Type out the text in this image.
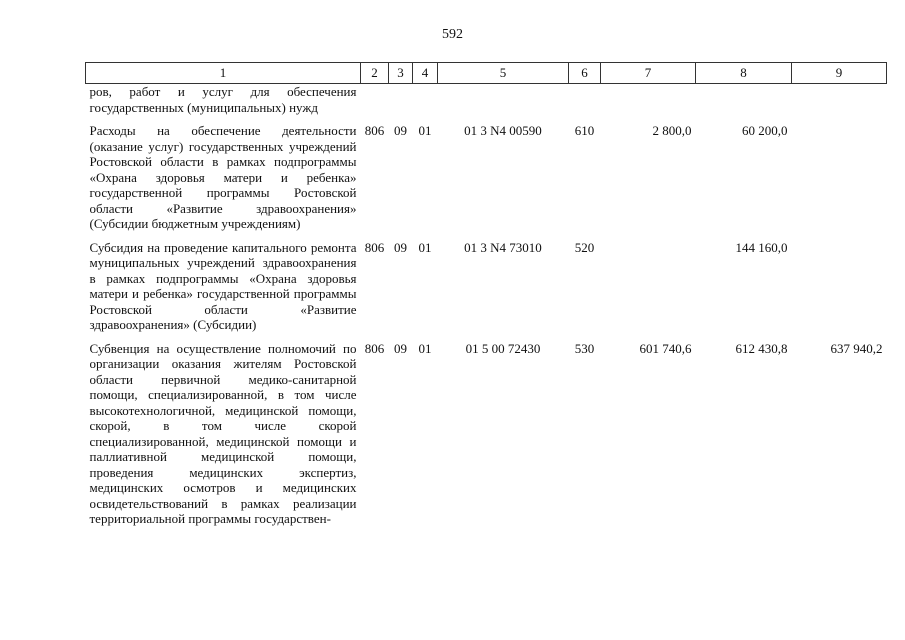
592
1	2	3	4	5	6	7	8	9
ров, работ и услуг для обеспечения государственных (муниципальных) нужд								

Расходы на обеспечение деятельности (оказание услуг) государственных учреждений Ростовской области в рамках подпрограммы «Охрана здоровья матери и ребенка» государственной программы Ростовской области «Развитие здравоохранения» (Субсидии бюджетным учреждениям)	806	09	01	01 3 N4 00590	610	2 800,0	60 200,0	

Субсидия на проведение капитального ремонта муниципальных учреждений здравоохранения в рамках подпрограммы «Охрана здоровья матери и ребенка» государственной программы Ростовской области «Развитие здравоохранения» (Субсидии)	806	09	01	01 3 N4 73010	520		144 160,0	

Субвенция на осуществление полномочий по организации оказания жителям Ростовской области первичной медико-санитарной помощи, специализированной, в том числе высокотехнологичной, медицинской помощи, скорой, в том числе скорой специализированной, медицинской помощи и паллиативной медицинской помощи, проведения медицинских экспертиз, медицинских осмотров и медицинских освидетельствований в рамках реализации территориальной программы государствен-	806	09	01	01 5 00 72430	530	601 740,6	612 430,8	637 940,2
